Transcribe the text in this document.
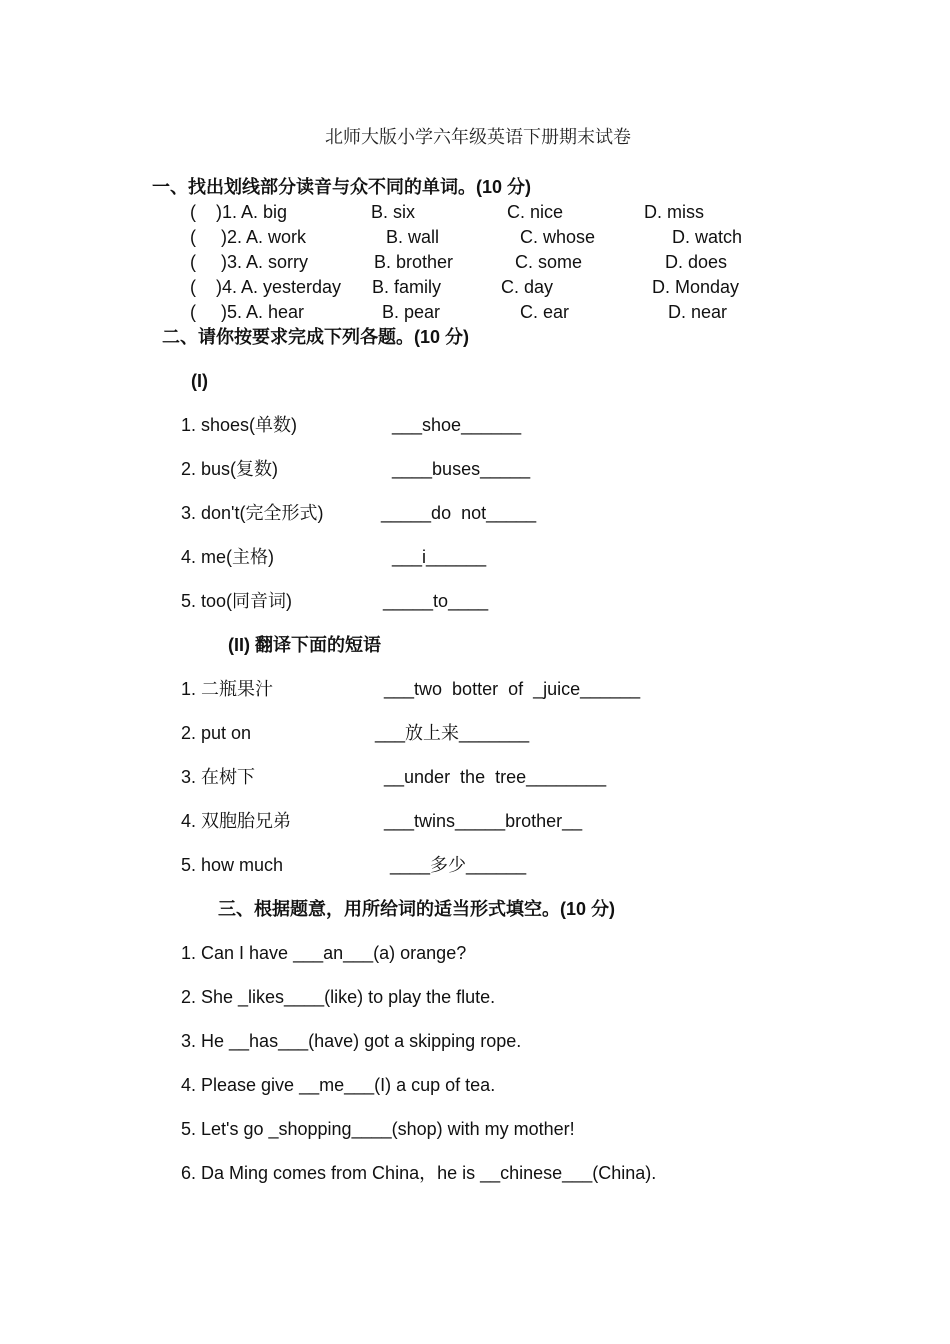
北师大版小学六年级英语下册期末试卷
一、找出划线部分读音与众不同的单词。(10 分)
(    )1. A. big	B. six	C. nice	D. miss
(     )2. A. work	B. wall	C. whose	D. watch
(     )3. A. sorry	B. brother	C. some	D. does
(    )4. A. yesterday B. family	C. day	D. Monday
(     )5. A. hear	B. pear	C. ear	D. near
二、请你按要求完成下列各题。(10 分)
(I)
1. shoes(单数)	___shoe______
2. bus(复数)	____buses_____
3. don't(完全形式)	_____do  not_____
4. me(主格)	___i______
5. too(同音词)	_____to____
(II) 翻译下面的短语
1. 二瓶果汁	___two  botter  of  _juice______
2. put on	___放上来_______
3. 在树下	__under  the  tree________
4. 双胞胎兄弟	___twins_____brother__
5. how much	____多少______
三、根据题意，用所给词的适当形式填空。(10 分)
1. Can I have ___an___(a) orange?
2. She _likes____(like) to play the flute.
3. He __has___(have) got a skipping rope.
4. Please give __me___(I) a cup of tea.
5. Let's go _shopping____(shop) with my mother!
6. Da Ming comes from China，he is __chinese___(China).
